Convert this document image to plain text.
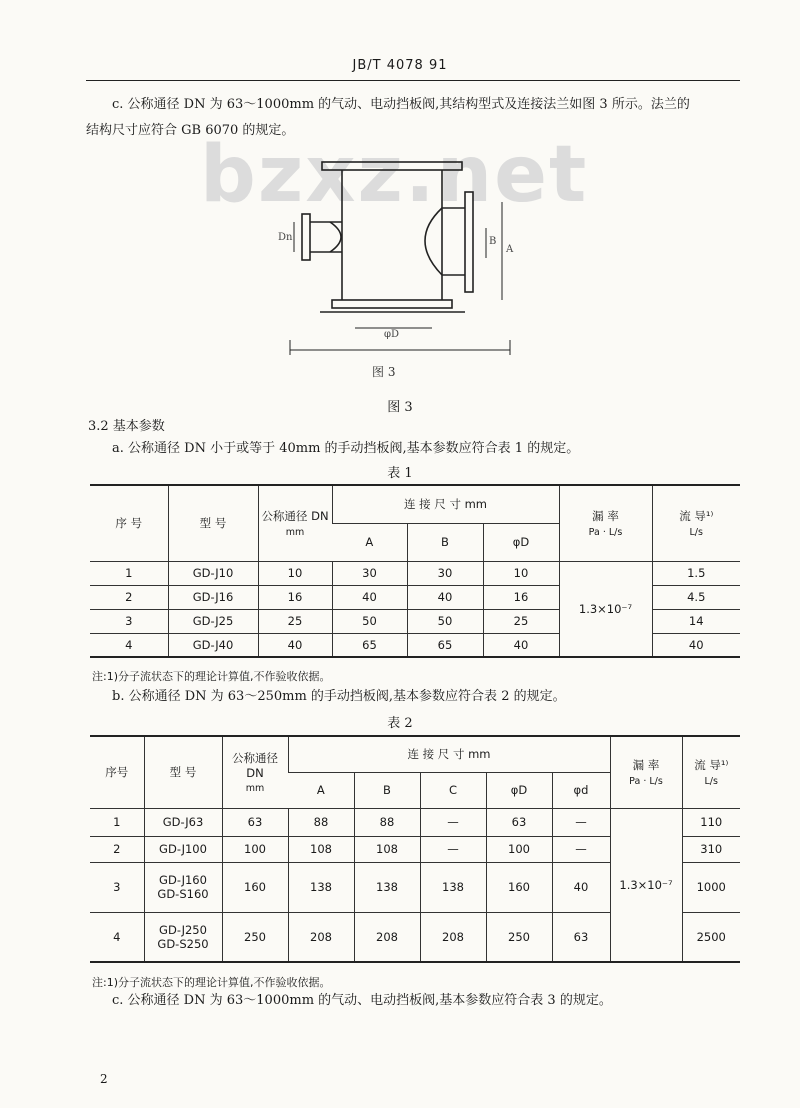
JB/T 4078 91
c. 公称通径 DN 为 63～1000mm 的气动、电动挡板阀,其结构型式及连接法兰如图 3 所示。法兰的
结构尺寸应符合 GB 6070 的规定。
bzxz.net
φD
A
B
Dn
图 3
图 3
3.2 基本参数
a. 公称通径 DN 小于或等于 40mm 的手动挡板阀,基本参数应符合表 1 的规定。
表 1
序 号	型 号	公称通径 DN
mm	连 接 尺 寸 mm			漏 率
Pa · L/s	流 导¹⁾
L/s
			A	B	φD		
1	GD-J10	10	30	30	10	1.3×10⁻⁷	1.5
2	GD-J16	16	40	40	16		4.5
3	GD-J25	25	50	50	25		14
4	GD-J40	40	65	65	40		40
注:1)分子流状态下的理论计算值,不作验收依据。
b. 公称通径 DN 为 63～250mm 的手动挡板阀,基本参数应符合表 2 的规定。
表 2
序号	型 号	公称通径
DN
mm	连 接 尺 寸 mm					漏 率
Pa · L/s	流 导¹⁾
L/s
			A	B	C	φD	φd		
1	GD-J63	63	88	88	—	63	—	1.3×10⁻⁷	110
2	GD-J100	100	108	108	—	100	—		310
3	GD-J160
GD-S160	160	138	138	138	160	40		1000
4	GD-J250
GD-S250	250	208	208	208	250	63		2500
注:1)分子流状态下的理论计算值,不作验收依据。
c. 公称通径 DN 为 63～1000mm 的气动、电动挡板阀,基本参数应符合表 3 的规定。
2
